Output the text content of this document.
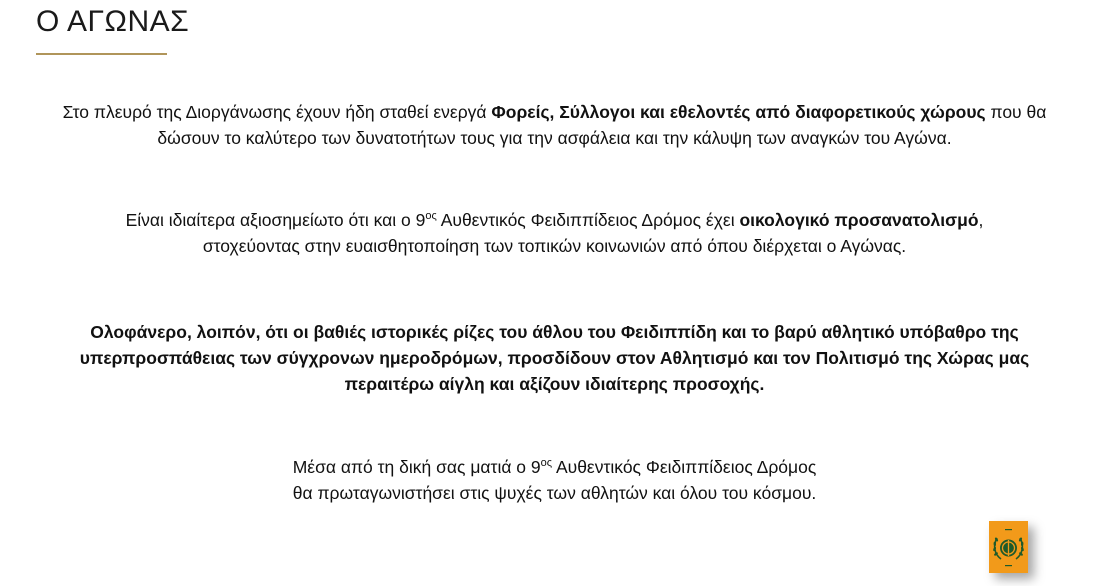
Ο ΑΓΩΝΑΣ

Στο πλευρό της Διοργάνωσης έχουν ήδη σταθεί ενεργά Φορείς, Σύλλογοι και εθελοντές από διαφορετικούς χώρους που θα
δώσουν το καλύτερο των δυνατοτήτων τους για την ασφάλεια και την κάλυψη των αναγκών του Αγώνα.

Είναι ιδιαίτερα αξιοσημείωτο ότι και ο $9^{o\varsigma}$ Αυθεντικός Φειδιππίδειος Δρόμος έχει οικολογικό προσανατολισμό,
στοχεύοντας στην ευαισθητοποίηση των τοπικών κοινωνιών από όπου διέρχεται ο Αγώνας.

Ολοφάνερο, λοιπόν, ότι οι βαθιές ιστορικές ρίζες του άθλου του Φειδιππίδη και το βαρύ αθλητικό υπόβαθρο της
υπερπροσπάθειας των σύγχρονων ημεροδρόμων, προσδίδουν στον Αθλητισμό και τον Πολιτισμό της Χώρας μας
περαιτέρω αίγλη και αξίζουν ιδιαίτερης προσοχής.

Μέσα από τη δική σας ματιά ο $9^{o\varsigma}$ Αυθεντικός Φειδιππίδειος Δρόμος
θα πρωταγωνιστήσει στις ψυχές των αθλητών και όλου του κόσμου.
